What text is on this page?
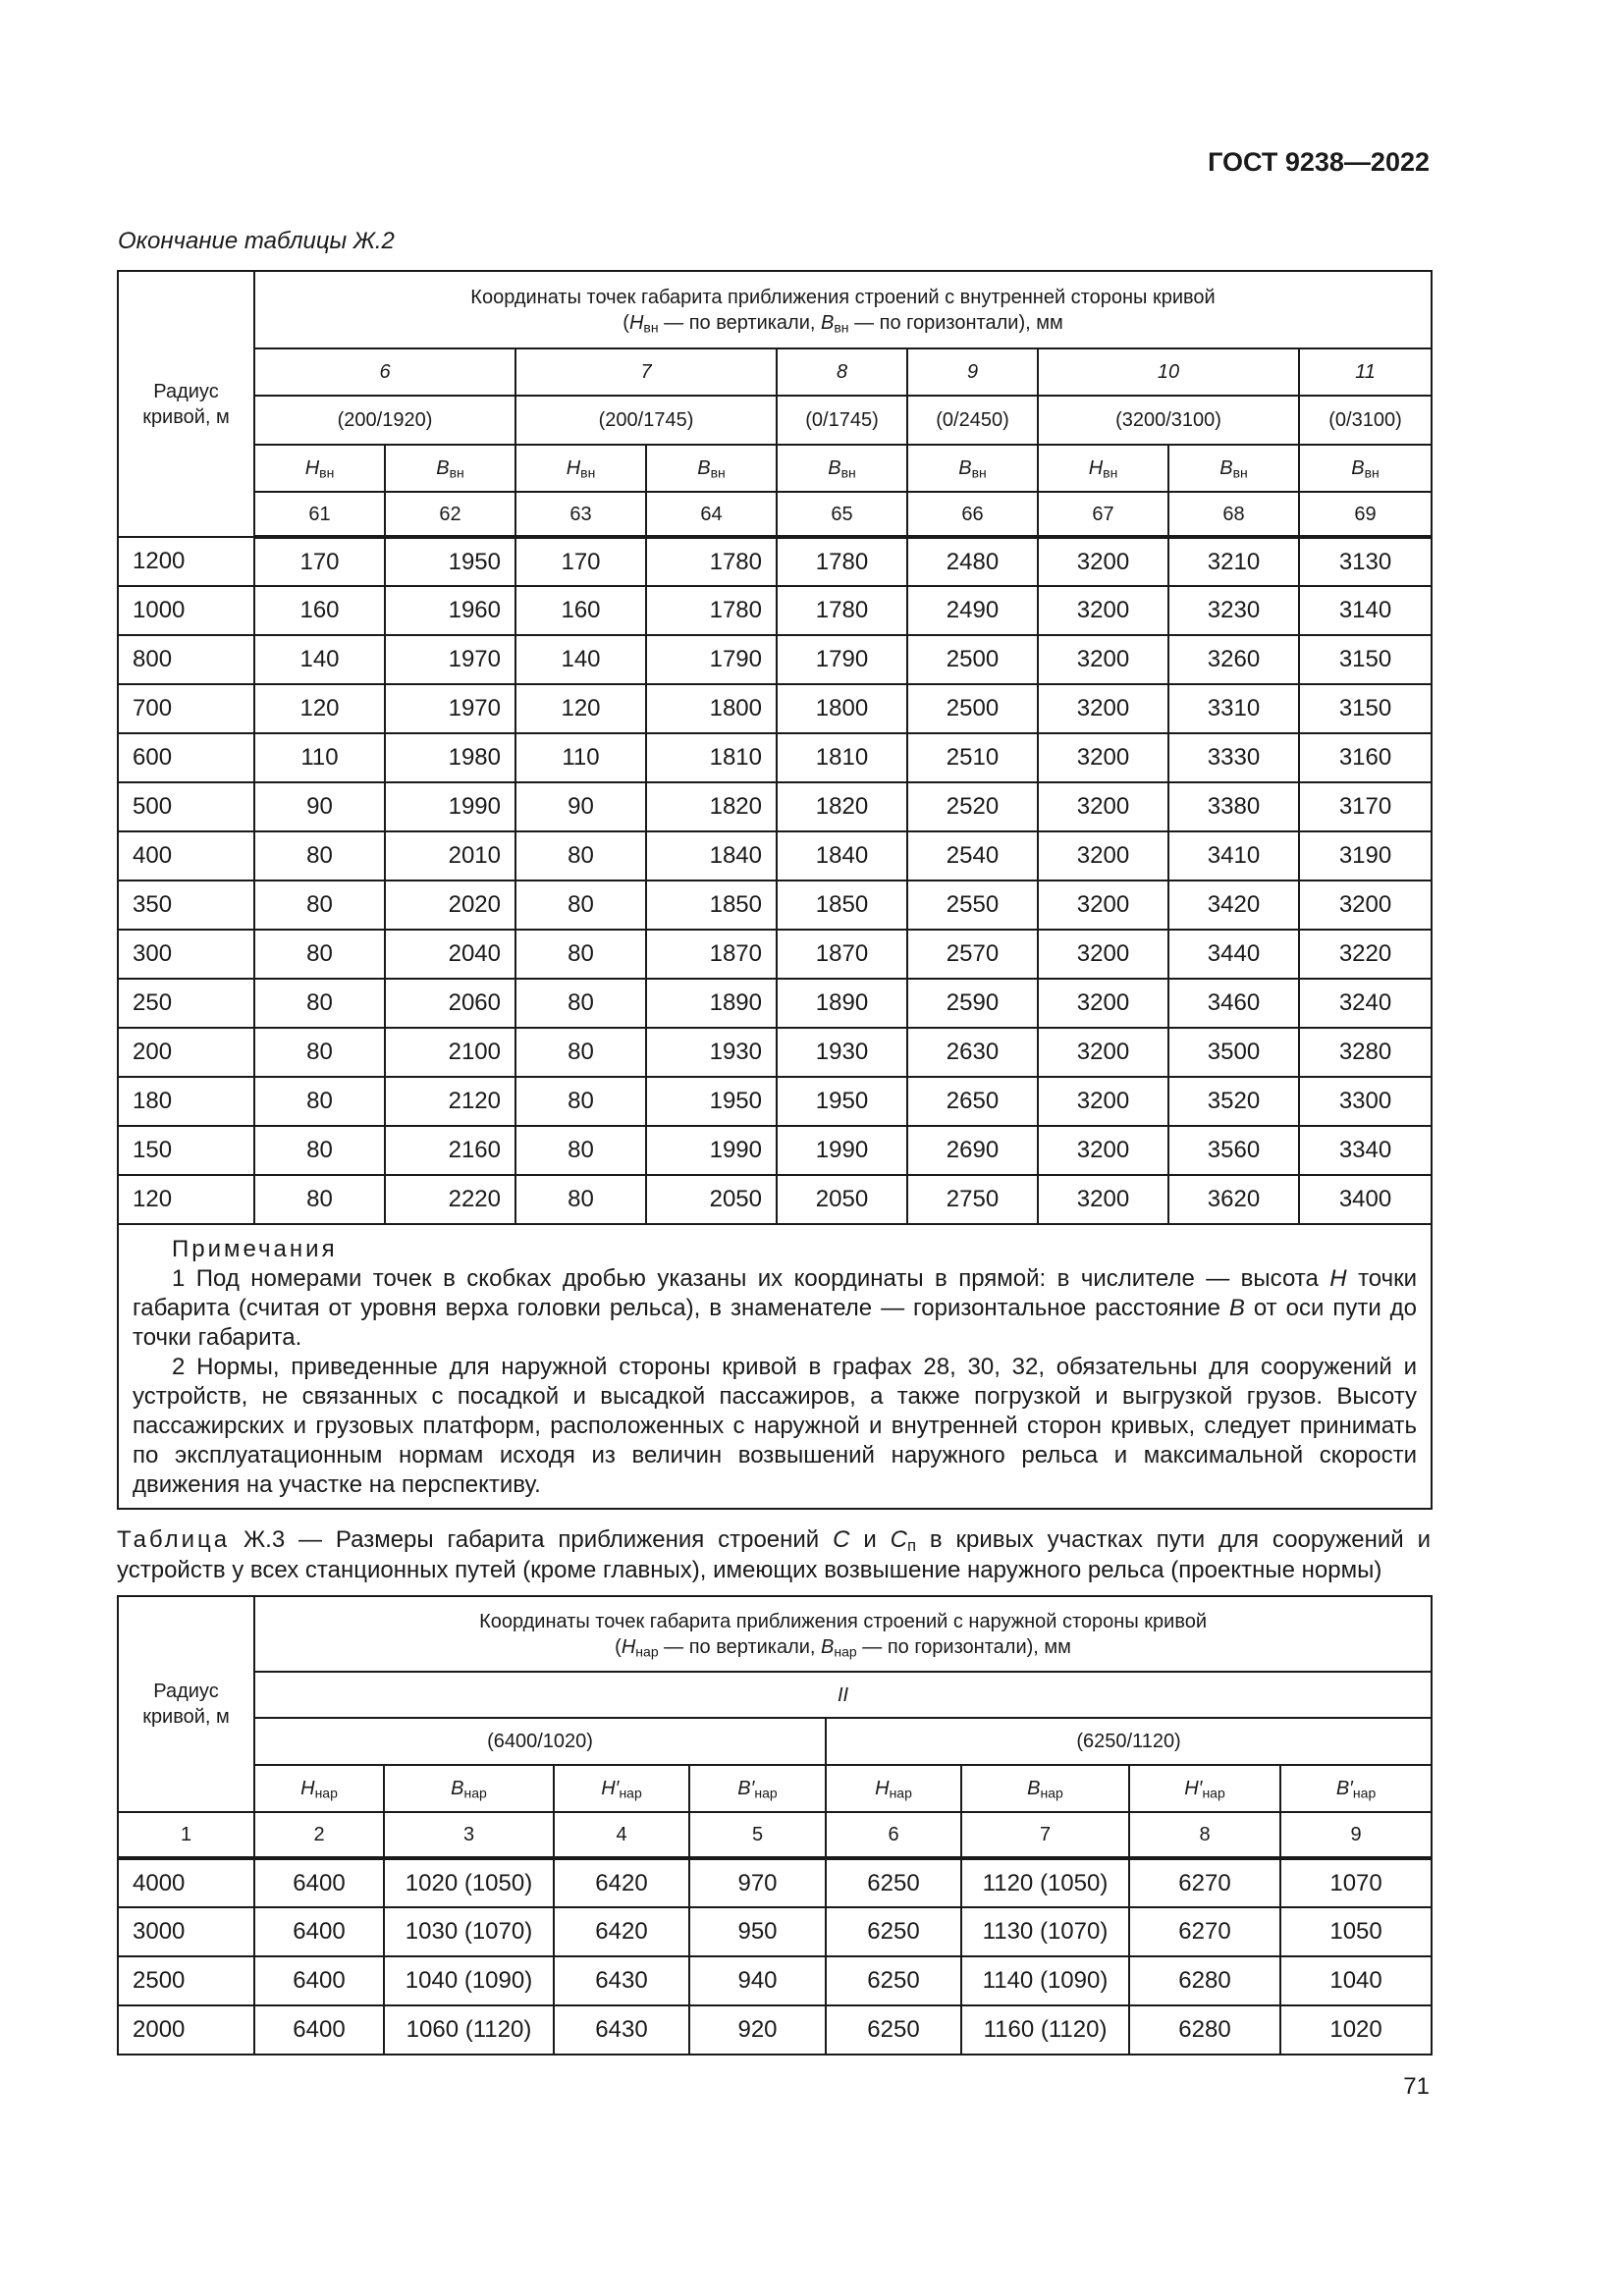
ГОСТ 9238—2022
Окончание таблицы Ж.2
Радиус кривой, м	Координаты точек габарита приближения строений с внутренней стороны кривой
($H_{вн}$ — по вертикали, $B_{вн}$ — по горизонтали), мм								
	6		7		8	9	10		11
	(200/1920)		(200/1745)		(0/1745)	(0/2450)	(3200/3100)		(0/3100)
	$H_{вн}$	$B_{вн}$	$H_{вн}$	$B_{вн}$	$B_{вн}$	$B_{вн}$	$H_{вн}$	$B_{вн}$	$B_{вн}$
	61	62	63	64	65	66	67	68	69
1200	170	1950	170	1780	1780	2480	3200	3210	3130
1000	160	1960	160	1780	1780	2490	3200	3230	3140
800	140	1970	140	1790	1790	2500	3200	3260	3150
700	120	1970	120	1800	1800	2500	3200	3310	3150
600	110	1980	110	1810	1810	2510	3200	3330	3160
500	90	1990	90	1820	1820	2520	3200	3380	3170
400	80	2010	80	1840	1840	2540	3200	3410	3190
350	80	2020	80	1850	1850	2550	3200	3420	3200
300	80	2040	80	1870	1870	2570	3200	3440	3220
250	80	2060	80	1890	1890	2590	3200	3460	3240
200	80	2100	80	1930	1930	2630	3200	3500	3280
180	80	2120	80	1950	1950	2650	3200	3520	3300
150	80	2160	80	1990	1990	2690	3200	3560	3340
120	80	2220	80	2050	2050	2750	3200	3620	3400

Примечания
1 Под номерами точек в скобках дробью указаны их координаты в прямой: в числителе — высота H точки габарита (считая от уровня верха головки рельса), в знаменателе — горизонтальное расстояние B от оси пути до точки габарита.
2 Нормы, приведенные для наружной стороны кривой в графах 28, 30, 32, обязательны для сооружений и устройств, не связанных с посадкой и высадкой пассажиров, а также погрузкой и выгрузкой грузов. Высоту пассажирских и грузовых платформ, расположенных с наружной и внутренней сторон кривых, следует принимать по эксплуатационным нормам исходя из величин возвышений наружного рельса и максимальной скорости движения на участке на перспективу.									
Таблица Ж.3 — Размеры габарита приближения строений С и $С_п$ в кривых участках пути для сооружений и устройств у всех станционных путей (кроме главных), имеющих возвышение наружного рельса (проектные нормы)
Радиус кривой, м	Координаты точек габарита приближения строений с наружной стороны кривой
($H_{нар}$ — по вертикали, $B_{нар}$ — по горизонтали), мм							
	II							
	(6400/1020)				(6250/1120)			
	$H_{нар}$	$B_{нар}$	$H'_{нар}$	$B'_{нар}$	$H_{нар}$	$B_{нар}$	$H'_{нар}$	$B'_{нар}$
1	2	3	4	5	6	7	8	9
4000	6400	1020 (1050)	6420	970	6250	1120 (1050)	6270	1070
3000	6400	1030 (1070)	6420	950	6250	1130 (1070)	6270	1050
2500	6400	1040 (1090)	6430	940	6250	1140 (1090)	6280	1040
2000	6400	1060 (1120)	6430	920	6250	1160 (1120)	6280	1020
71
